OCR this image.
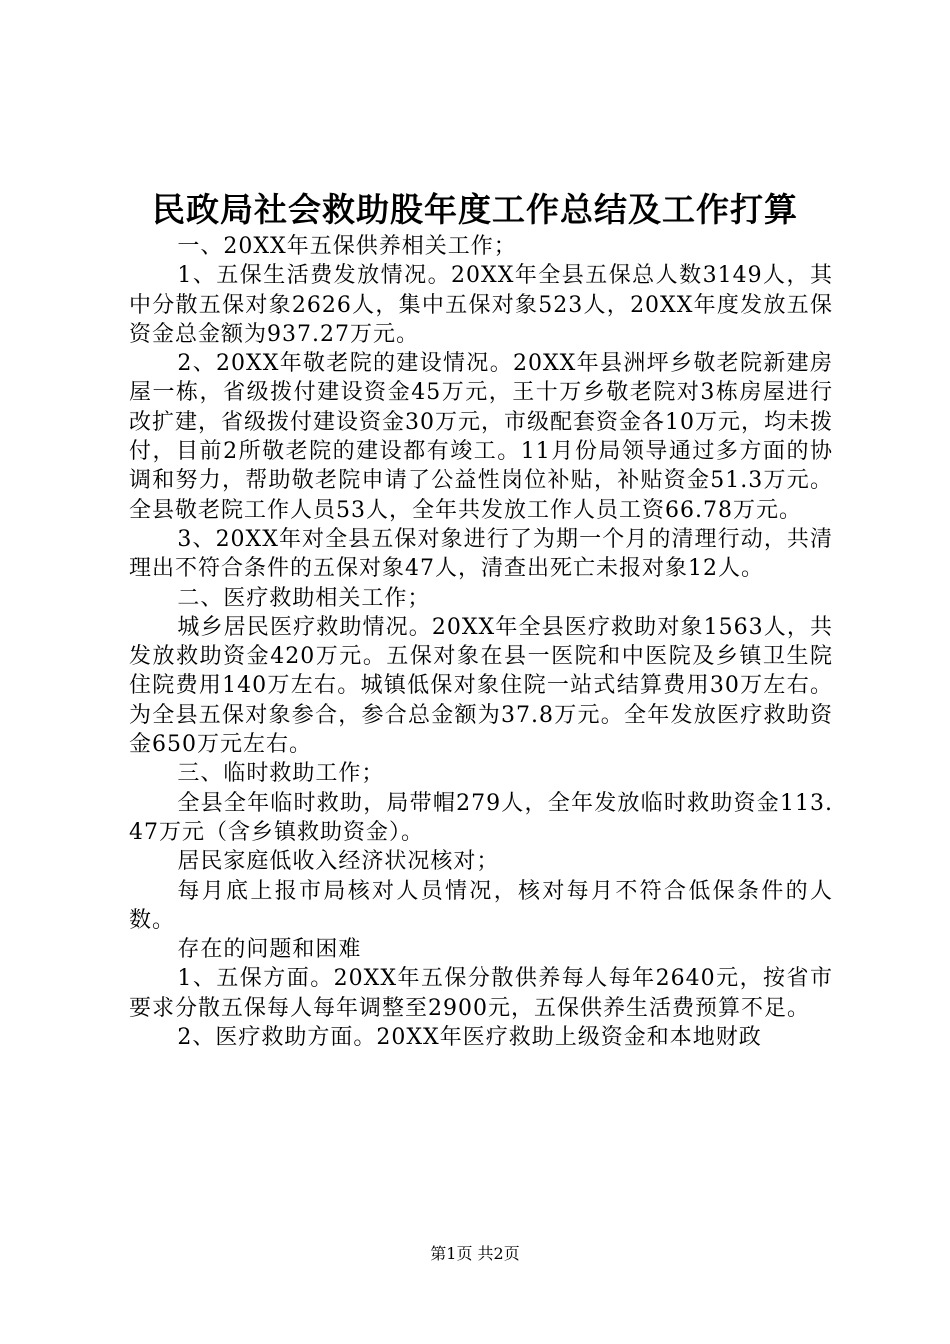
民政局社会救助股年度工作总结及工作打算

一、20XX年五保供养相关工作；

1、五保生活费发放情况。20XX年全县五保总人数3149人，其中分散五保对象2626人，集中五保对象523人，20XX年度发放五保资金总金额为937.27万元。

2、20XX年敬老院的建设情况。20XX年县洲坪乡敬老院新建房屋一栋，省级拨付建设资金45万元，王十万乡敬老院对3栋房屋进行改扩建，省级拨付建设资金30万元，市级配套资金各10万元，均未拨付，目前2所敬老院的建设都有竣工。11月份局领导通过多方面的协调和努力，帮助敬老院申请了公益性岗位补贴，补贴资金51.3万元。全县敬老院工作人员53人，全年共发放工作人员工资66.78万元。

3、20XX年对全县五保对象进行了为期一个月的清理行动，共清理出不符合条件的五保对象47人，清查出死亡未报对象12人。

二、医疗救助相关工作；

城乡居民医疗救助情况。20XX年全县医疗救助对象1563人，共发放救助资金420万元。五保对象在县一医院和中医院及乡镇卫生院住院费用140万左右。城镇低保对象住院一站式结算费用30万左右。为全县五保对象参合，参合总金额为37.8万元。全年发放医疗救助资金650万元左右。

三、临时救助工作；

全县全年临时救助，局带帽279人，全年发放临时救助资金113.47万元（含乡镇救助资金）。

居民家庭低收入经济状况核对；

每月底上报市局核对人员情况，核对每月不符合低保条件的人数。

存在的问题和困难

1、五保方面。20XX年五保分散供养每人每年2640元，按省市要求分散五保每人每年调整至2900元，五保供养生活费预算不足。

2、医疗救助方面。20XX年医疗救助上级资金和本地财政

第1页 共2页
